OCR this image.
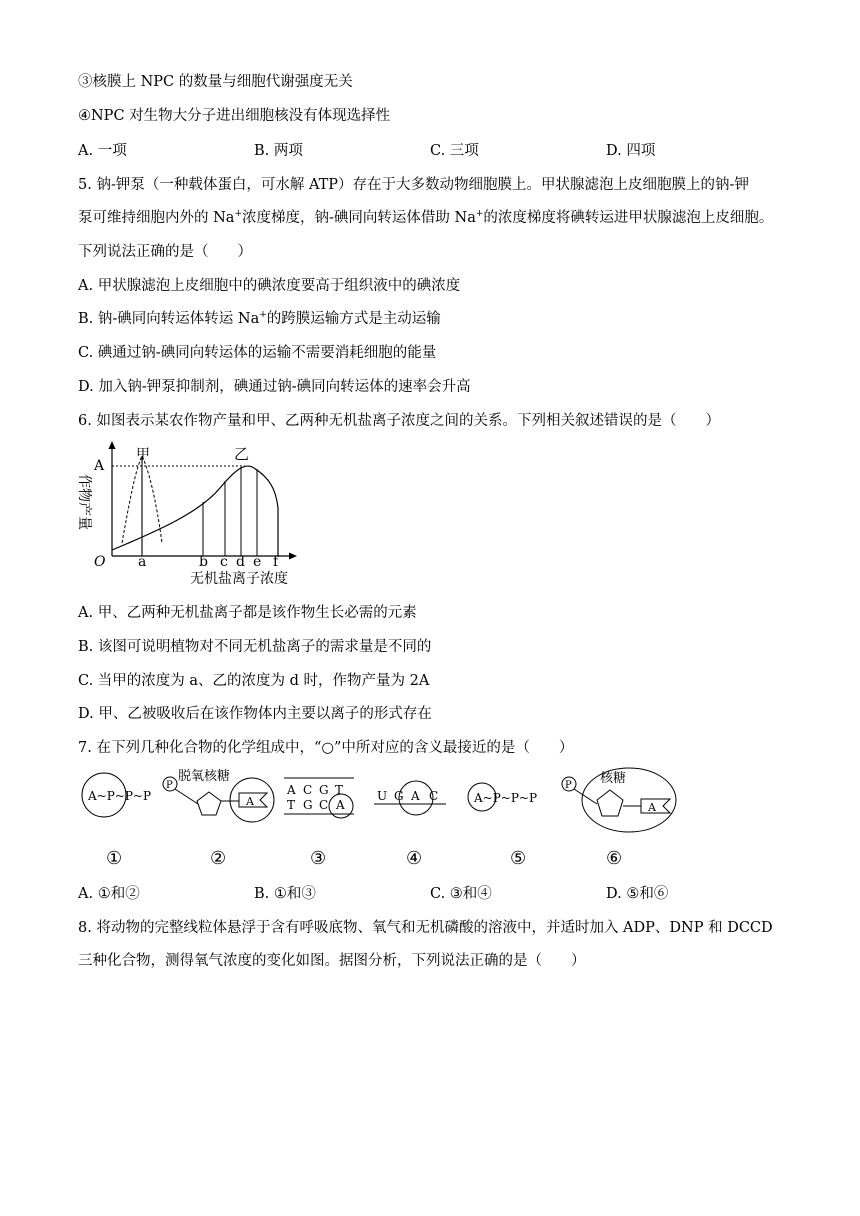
③核膜上 NPC 的数量与细胞代谢强度无关
④NPC 对生物大分子进出细胞核没有体现选择性
A. 一项	B. 两项	C. 三项	D. 四项
5. 钠-钾泵（一种载体蛋白，可水解 ATP）存在于大多数动物细胞膜上。甲状腺滤泡上皮细胞膜上的钠-钾
泵可维持细胞内外的 Na+浓度梯度，钠-碘同向转运体借助 Na+的浓度梯度将碘转运进甲状腺滤泡上皮细胞。
下列说法正确的是（　　）
A. 甲状腺滤泡上皮细胞中的碘浓度要高于组织液中的碘浓度
B. 钠-碘同向转运体转运 Na+的跨膜运输方式是主动运输
C. 碘通过钠-碘同向转运体的运输不需要消耗细胞的能量
D. 加入钠-钾泵抑制剂，碘通过钠-碘同向转运体的速率会升高
6. 如图表示某农作物产量和甲、乙两种无机盐离子浓度之间的关系。下列相关叙述错误的是（　　）
甲	乙
A
O
作物产量
a	b c d e f
无机盐离子浓度
A. 甲、乙两种无机盐离子都是该作物生长必需的元素
B. 该图可说明植物对不同无机盐离子的需求量是不同的
C. 当甲的浓度为 a、乙的浓度为 d 时，作物产量为 2A
D. 甲、乙被吸收后在该作物体内主要以离子的形式存在
7. 在下列几种化合物的化学组成中，“○”中所对应的含义最接近的是（　　）
A~P~P~P
脱氧核糖
P
A
A C G T
T G C A
U G A C	A~P~P~P
P 核糖
A
①	②	③	④	⑤	⑥
A. ①和②	B. ①和③	C. ③和④	D. ⑤和⑥
8. 将动物的完整线粒体悬浮于含有呼吸底物、氧气和无机磷酸的溶液中，并适时加入 ADP、DNP 和 DCCD
三种化合物，测得氧气浓度的变化如图。据图分析，下列说法正确的是（　　）
